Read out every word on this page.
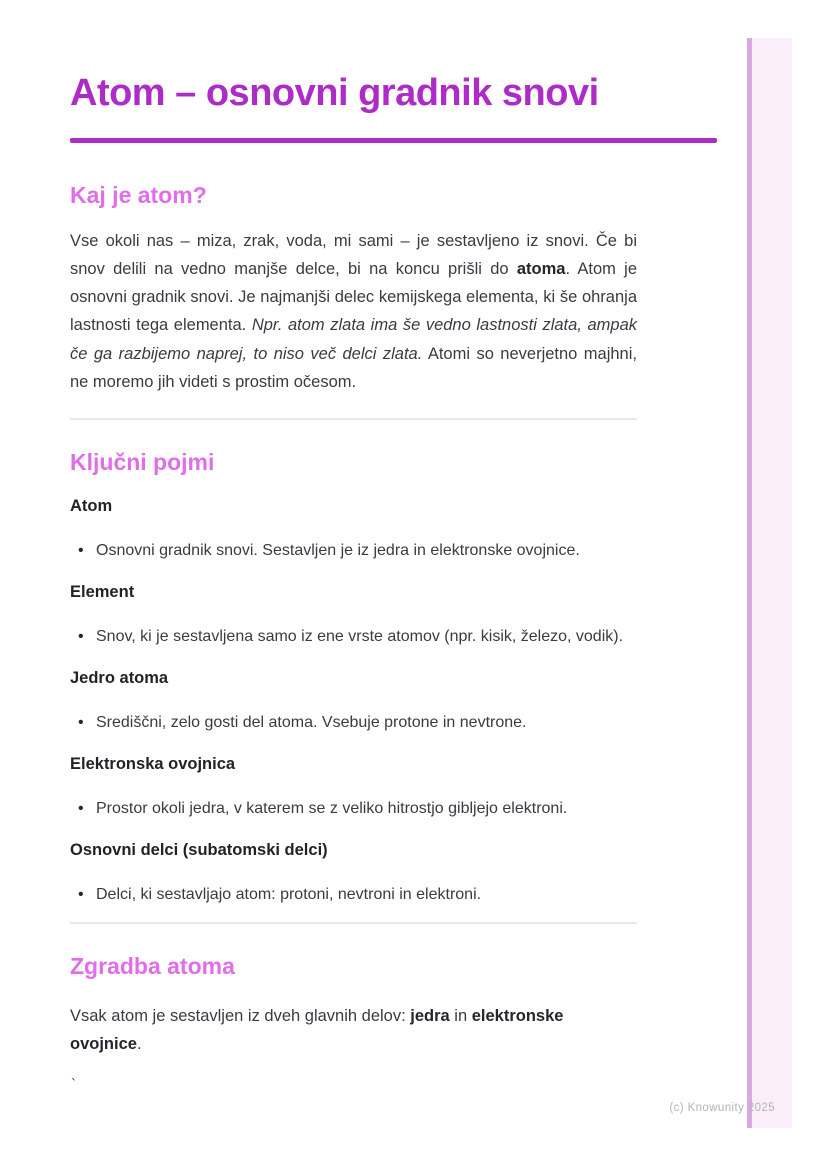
Atom – osnovni gradnik snovi
Kaj je atom?

Vse okoli nas – miza, zrak, voda, mi sami – je sestavljeno iz snovi. Če bi snov delili na vedno manjše delce, bi na koncu prišli do atoma. Atom je osnovni gradnik snovi. Je najmanjši delec kemijskega elementa, ki še ohranja lastnosti tega elementa. Npr. atom zlata ima še vedno lastnosti zlata, ampak če ga razbijemo naprej, to niso več delci zlata. Atomi so neverjetno majhni, ne moremo jih videti s prostim očesom.

Ključni pojmi
Atom
• Osnovni gradnik snovi. Sestavljen je iz jedra in elektronske ovojnice.
Element
• Snov, ki je sestavljena samo iz ene vrste atomov (npr. kisik, železo, vodik).
Jedro atoma
• Središčni, zelo gosti del atoma. Vsebuje protone in nevtrone.
Elektronska ovojnica
• Prostor okoli jedra, v katerem se z veliko hitrostjo gibljejo elektroni.
Osnovni delci (subatomski delci)
• Delci, ki sestavljajo atom: protoni, nevtroni in elektroni.
Zgradba atoma

Vsak atom je sestavljen iz dveh glavnih delov: jedra in elektronske ovojnice.

`
(c) Knowunity 2025
